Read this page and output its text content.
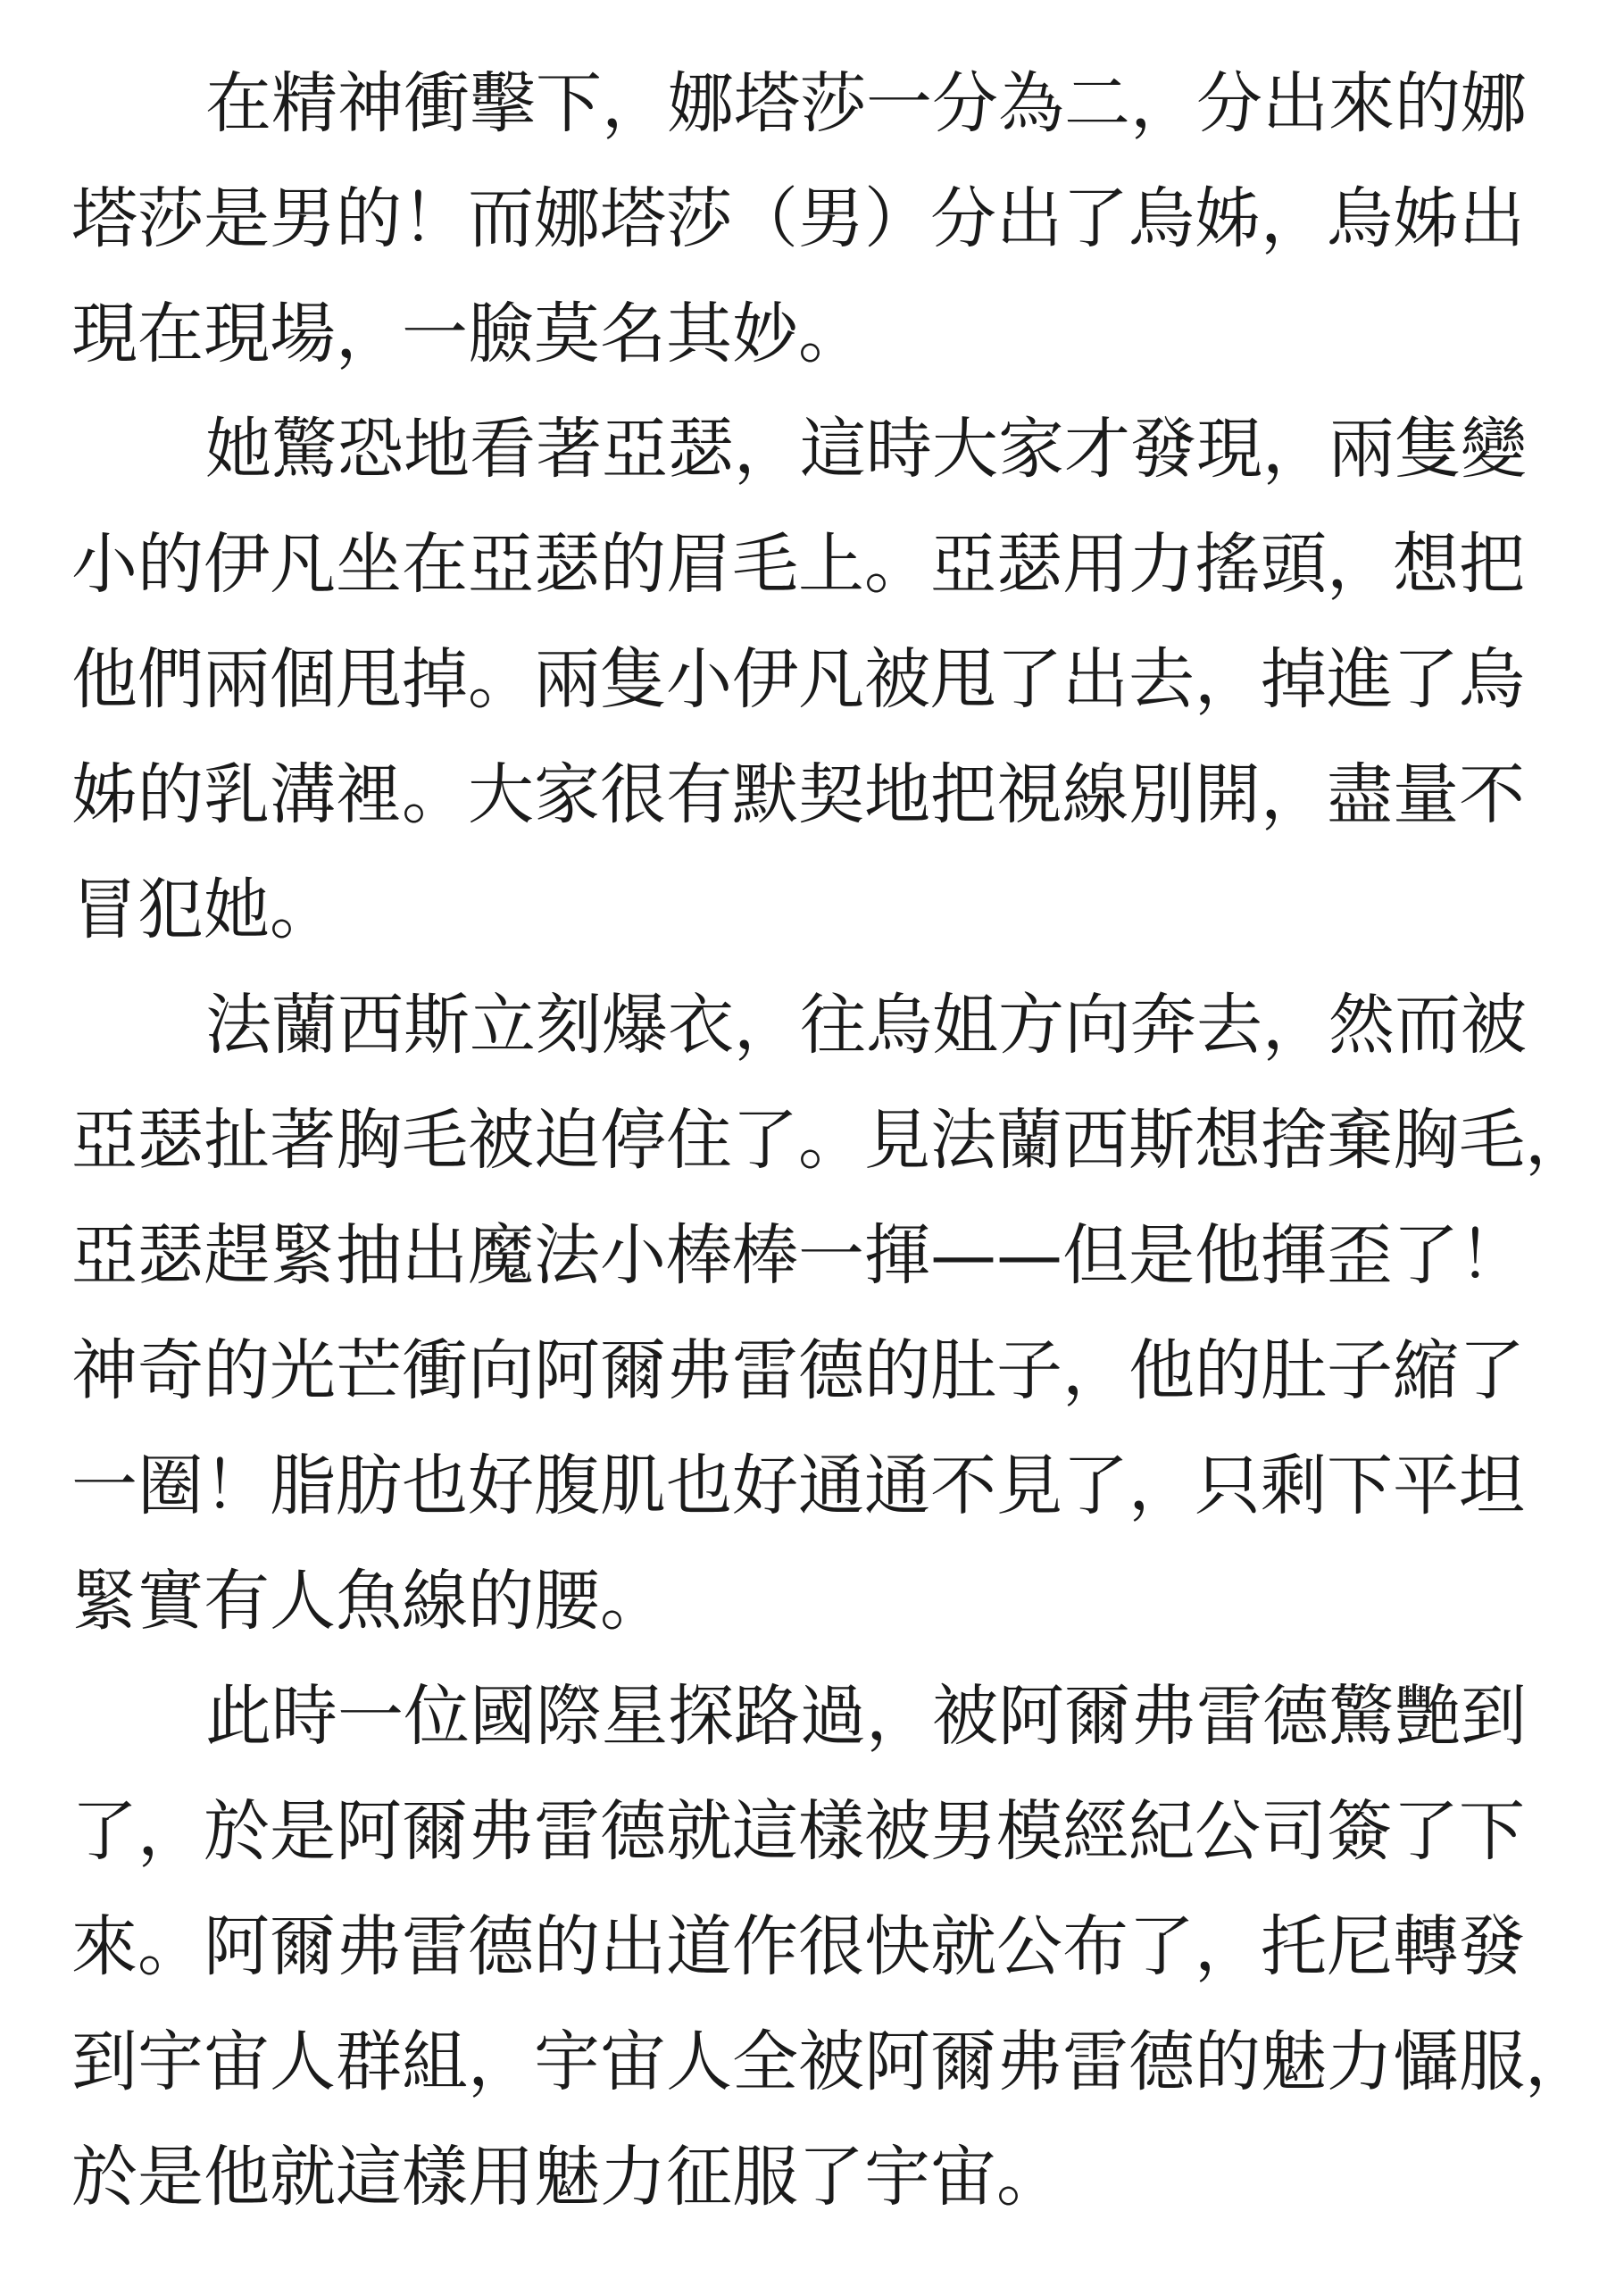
在精神衝擊下，娜塔莎一分為二，分出來的娜
塔莎是男的！而娜塔莎（男）分出了烏姊，烏姊出
現在現場，一臉莫名其妙。
她驚恐地看著亞瑟，這時大家才發現，兩隻變
小的伊凡坐在亞瑟的眉毛上。亞瑟用力搖頭，想把
他們兩個甩掉。兩隻小伊凡被甩了出去，掉進了烏
姊的乳溝裡。大家很有默契地把視線別開，盡量不
冒犯她。
法蘭西斯立刻爆衣，往烏姐方向奔去，然而被
亞瑟扯著胸毛被迫停住了。見法蘭西斯想捨棄胸毛，
亞瑟趕緊抽出魔法小棒棒一揮——但是他揮歪了！
神奇的光芒衝向阿爾弗雷德的肚子，他的肚子縮了
一圈！脂肪也好腹肌也好通通不見了，只剩下平坦
緊實有人魚線的腰。
此時一位國際星探路過，被阿爾弗雷德驚艷到
了，於是阿爾弗雷德就這樣被男模經紀公司簽了下
來。阿爾弗雷德的出道作很快就公布了，托尼轉發
到宇宙人群組，宇宙人全被阿爾弗雷德的魅力懾服，
於是他就這樣用魅力征服了宇宙。
